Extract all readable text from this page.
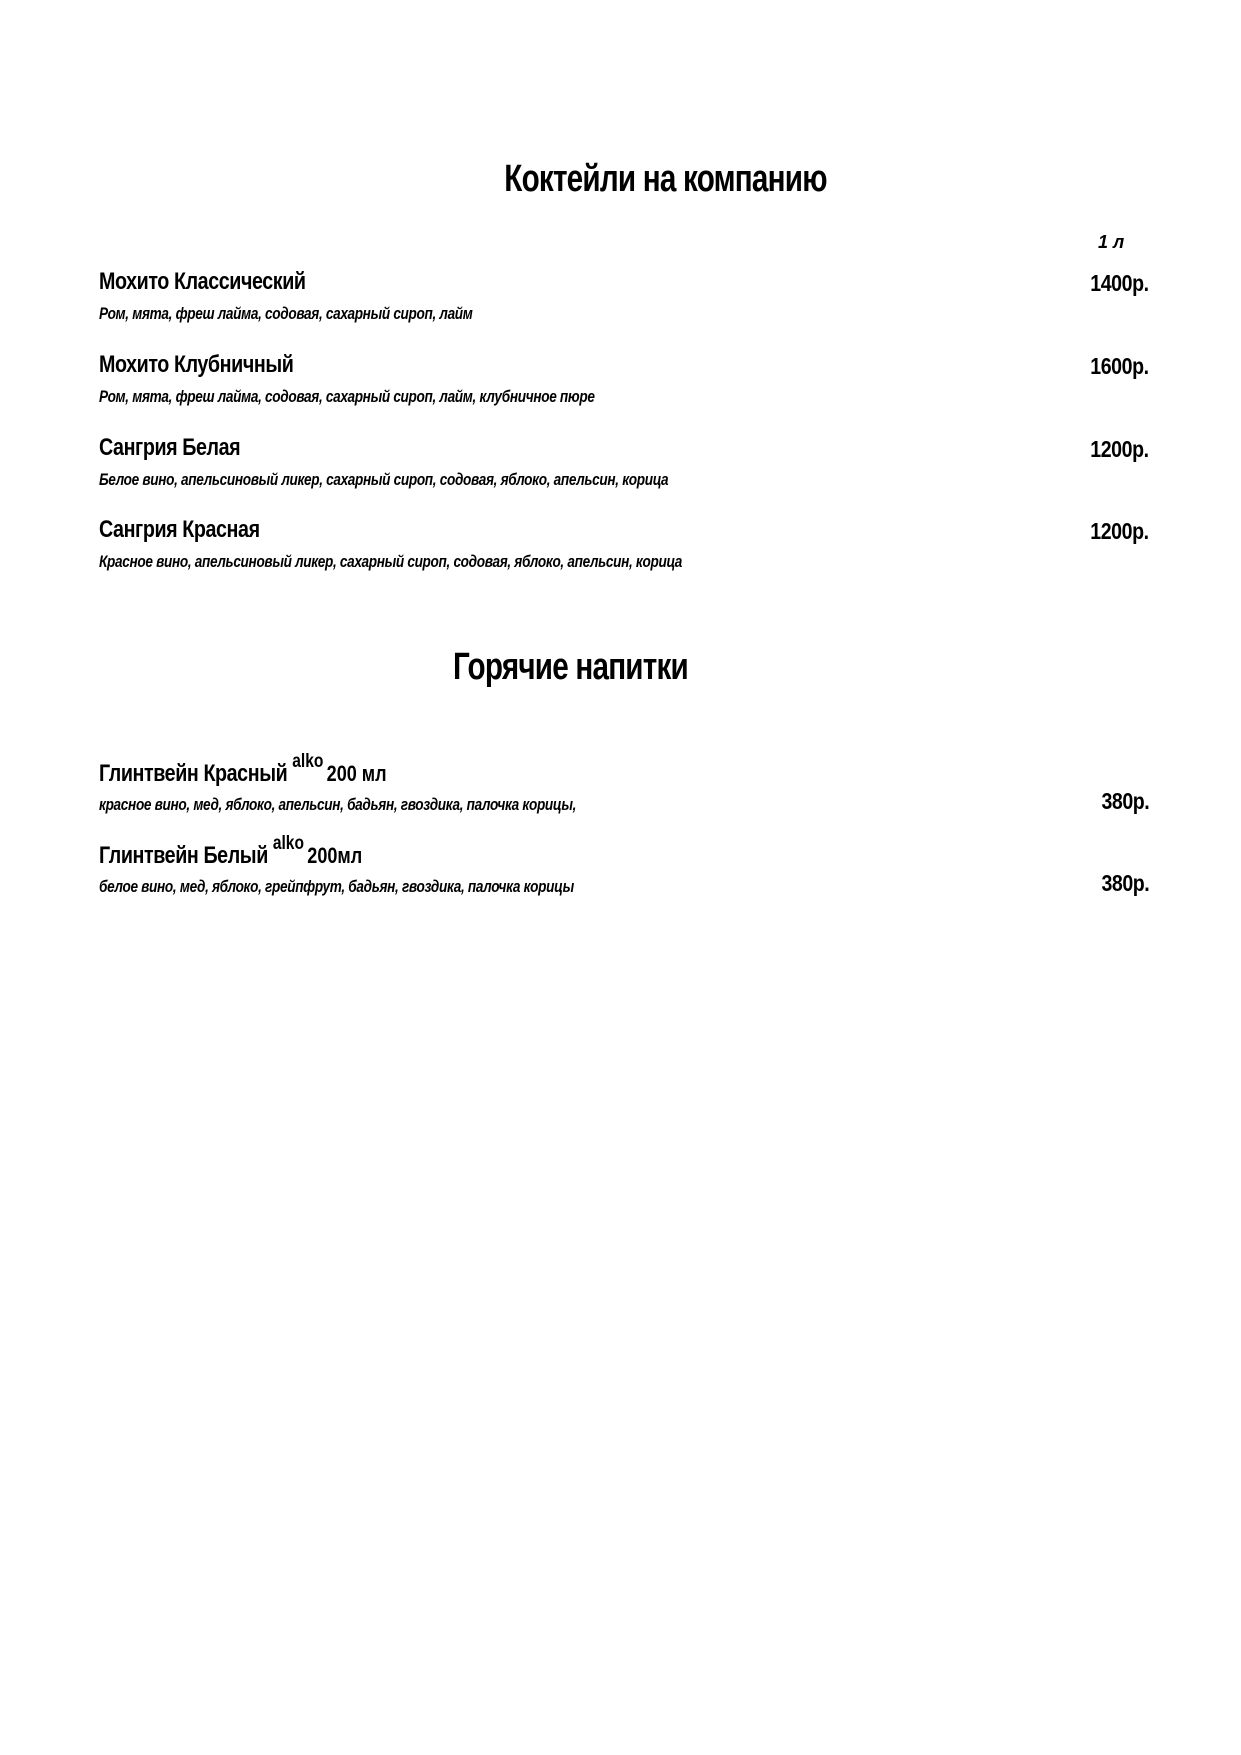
Коктейли на компанию
1 л
Мохито Классический
Ром, мята, фреш лайма, содовая, сахарный сироп, лайм
1400р.
Мохито Клубничный
Ром, мята, фреш лайма, содовая, сахарный сироп, лайм, клубничное пюре
1600р.
Сангрия Белая
Белое вино, апельсиновый ликер, сахарный сироп, содовая, яблоко, апельсин, корица
1200р.
Сангрия Красная
Красное вино, апельсиновый ликер, сахарный сироп, содовая, яблоко, апельсин, корица
1200р.
Горячие напитки
Глинтвейн Красный alko 200 мл
красное вино, мед, яблоко, апельсин, бадьян, гвоздика, палочка корицы,	380р.
Глинтвейн Белый alko 200мл
белое вино, мед, яблоко, грейпфрут, бадьян, гвоздика, палочка корицы	380р.
